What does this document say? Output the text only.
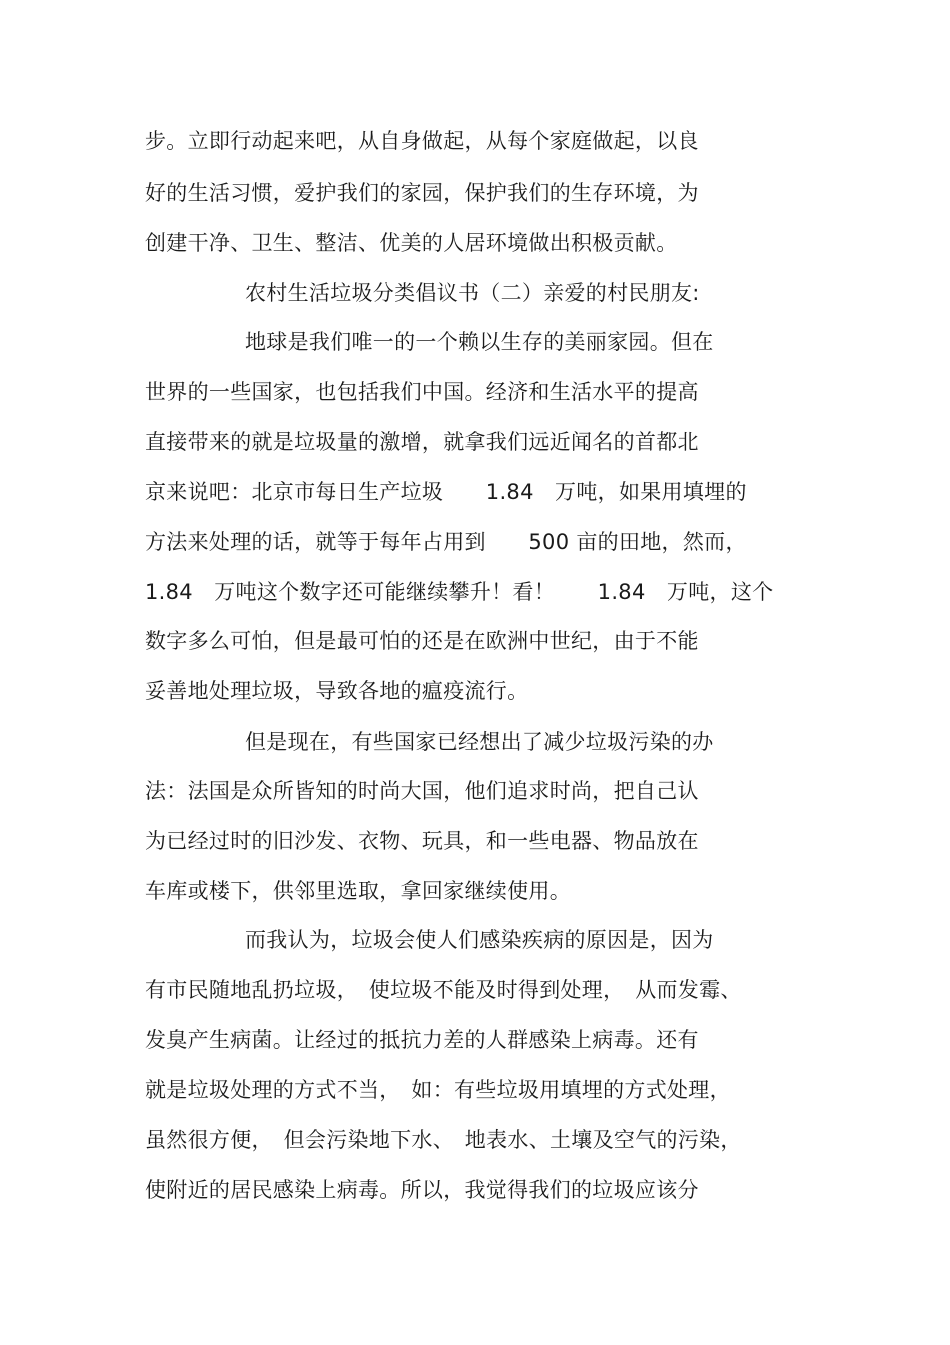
步。立即行动起来吧，从自身做起，从每个家庭做起，以良
好的生活习惯，爱护我们的家园，保护我们的生存环境，为
创建干净、卫生、整洁、优美的人居环境做出积极贡献。
农村生活垃圾分类倡议书（二）亲爱的村民朋友:
地球是我们唯一的一个赖以生存的美丽家园。但在
世界的一些国家，也包括我们中国。经济和生活水平的提高
直接带来的就是垃圾量的激增，就拿我们远近闻名的首都北
京来说吧：北京市每日生产垃圾　　1.84　万吨，如果用填埋的
方法来处理的话，就等于每年占用到　　500 亩的田地，然而，
1.84　万吨这个数字还可能继续攀升！看！　　1.84　万吨，这个
数字多么可怕，但是最可怕的还是在欧洲中世纪，由于不能
妥善地处理垃圾，导致各地的瘟疫流行。
但是现在，有些国家已经想出了减少垃圾污染的办
法：法国是众所皆知的时尚大国，他们追求时尚，把自己认
为已经过时的旧沙发、衣物、玩具，和一些电器、物品放在
车库或楼下，供邻里选取，拿回家继续使用。
而我认为，垃圾会使人们感染疾病的原因是，因为
有市民随地乱扔垃圾，　使垃圾不能及时得到处理，　从而发霉、
发臭产生病菌。让经过的抵抗力差的人群感染上病毒。还有
就是垃圾处理的方式不当，　如：有些垃圾用填埋的方式处理，
虽然很方便，　但会污染地下水、　地表水、土壤及空气的污染，
使附近的居民感染上病毒。所以，我觉得我们的垃圾应该分
